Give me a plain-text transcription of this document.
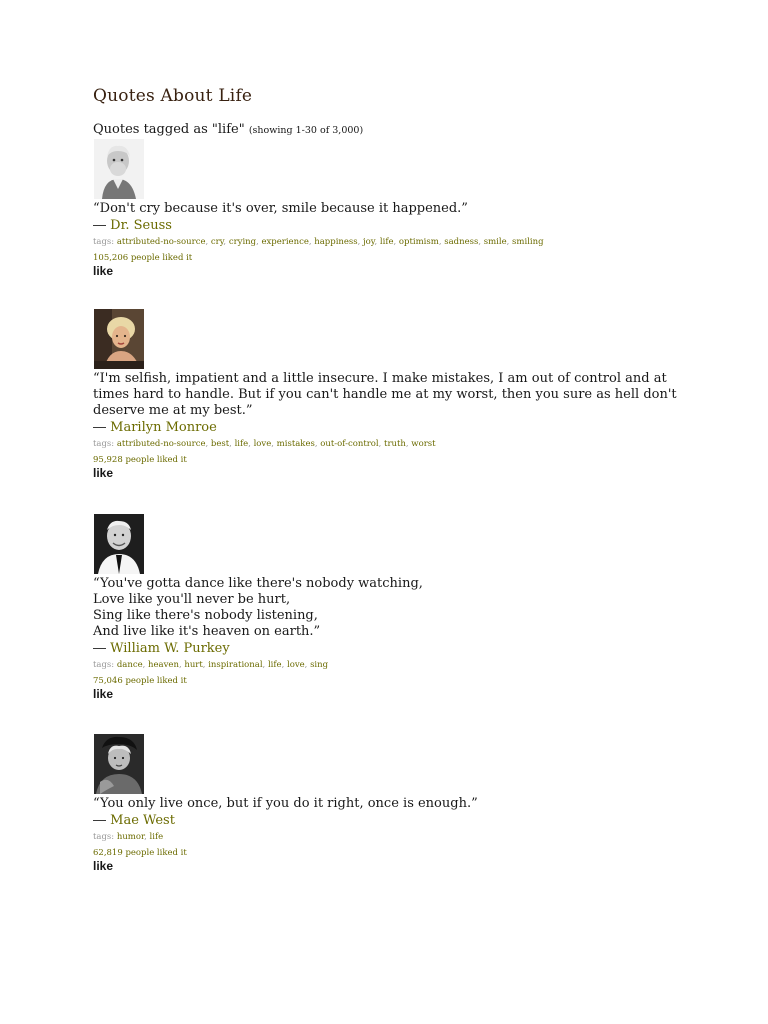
Quotes About Life
Quotes tagged as "life" (showing 1-30 of 3,000)
“Don't cry because it's over, smile because it happened.”
― Dr. Seuss
tags: attributed-no-source, cry, crying, experience, happiness, joy, life, optimism, sadness, smile, smiling
105,206 people liked it
like
“I'm selfish, impatient and a little insecure. I make mistakes, I am out of control and at times hard to handle. But if you can't handle me at my worst, then you sure as hell don't deserve me at my best.”
― Marilyn Monroe
tags: attributed-no-source, best, life, love, mistakes, out-of-control, truth, worst
95,928 people liked it
like
“You've gotta dance like there's nobody watching,
Love like you'll never be hurt,
Sing like there's nobody listening,
And live like it's heaven on earth.”
― William W. Purkey
tags: dance, heaven, hurt, inspirational, life, love, sing
75,046 people liked it
like
“You only live once, but if you do it right, once is enough.”
― Mae West
tags: humor, life
62,819 people liked it
like
